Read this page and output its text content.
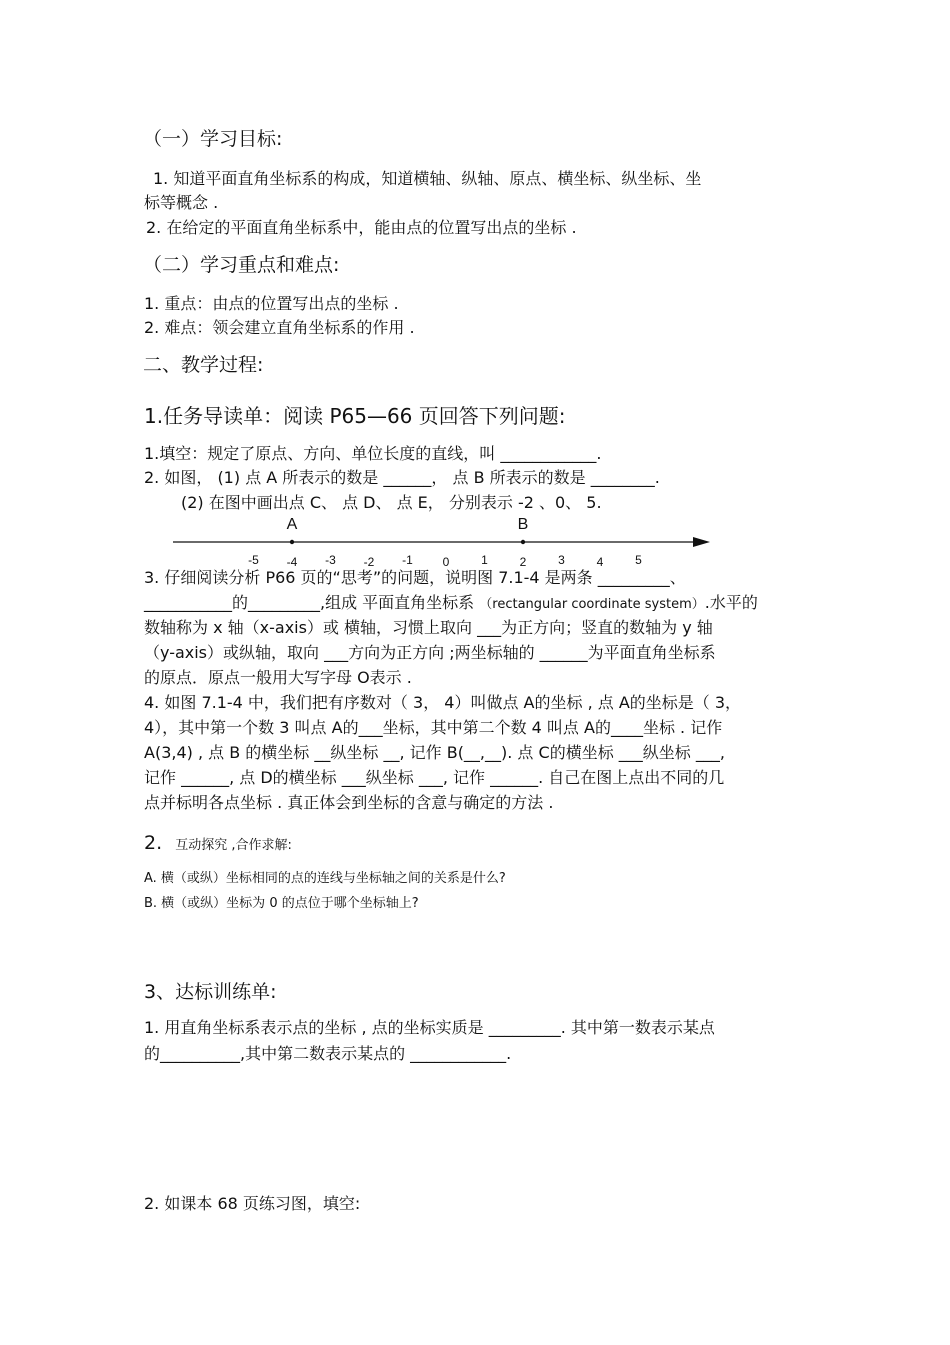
（一）学习目标:
1. 知道平面直角坐标系的构成，知道横轴、纵轴、原点、横坐标、纵坐标、坐
标等概念 .
2. 在给定的平面直角坐标系中，能由点的位置写出点的坐标 .
（二）学习重点和难点:
1. 重点：由点的位置写出点的坐标 .
2. 难点：领会建立直角坐标系的作用 .
二、教学过程:
1.任务导读单：阅读 P65—66 页回答下列问题:
1.填空：规定了原点、方向、单位长度的直线，叫 ____________.
2. 如图， (1) 点 A 所表示的数是 ______， 点 B 所表示的数是 ________.
(2) 在图中画出点 C、 点 D、 点 E， 分别表示 -2 、0、 5.
-5 -4 -3 -2 -1 0	1	2	3	4	5
A	B
3. 仔细阅读分析 P66 页的“思考”的问题，说明图 7.1-4 是两条 _________、
___________的_________,组成 平面直角坐标系 （rectangular coordinate system）.水平的
数轴称为 x 轴（x-axis）或 横轴，习惯上取向 ___为正方向；竖直的数轴为 y 轴
（y-axis）或纵轴，取向 ___方向为正方向 ;两坐标轴的 ______为平面直角坐标系
的原点．原点一般用大写字母 O表示 .
4. 如图 7.1-4 中，我们把有序数对（ 3， 4）叫做点 A的坐标 , 点 A的坐标是（ 3，
4），其中第一个数 3 叫点 A的___坐标，其中第二个数 4 叫点 A的____坐标 . 记作
A(3,4) , 点 B 的横坐标 __纵坐标 __, 记作 B(__,__). 点 C的横坐标 ___纵坐标 ___,
记作 ______, 点 D的横坐标 ___纵坐标 ___, 记作 ______. 自己在图上点出不同的几
点并标明各点坐标 . 真正体会到坐标的含意与确定的方法 .
2. 互动探究 ,合作求解:
A. 横（或纵）坐标相同的点的连线与坐标轴之间的关系是什么?
B. 横（或纵）坐标为 0 的点位于哪个坐标轴上?
3、达标训练单:
1. 用直角坐标系表示点的坐标 , 点的坐标实质是 _________. 其中第一数表示某点
的__________,其中第二数表示某点的 ____________.
2. 如课本 68 页练习图，填空:
